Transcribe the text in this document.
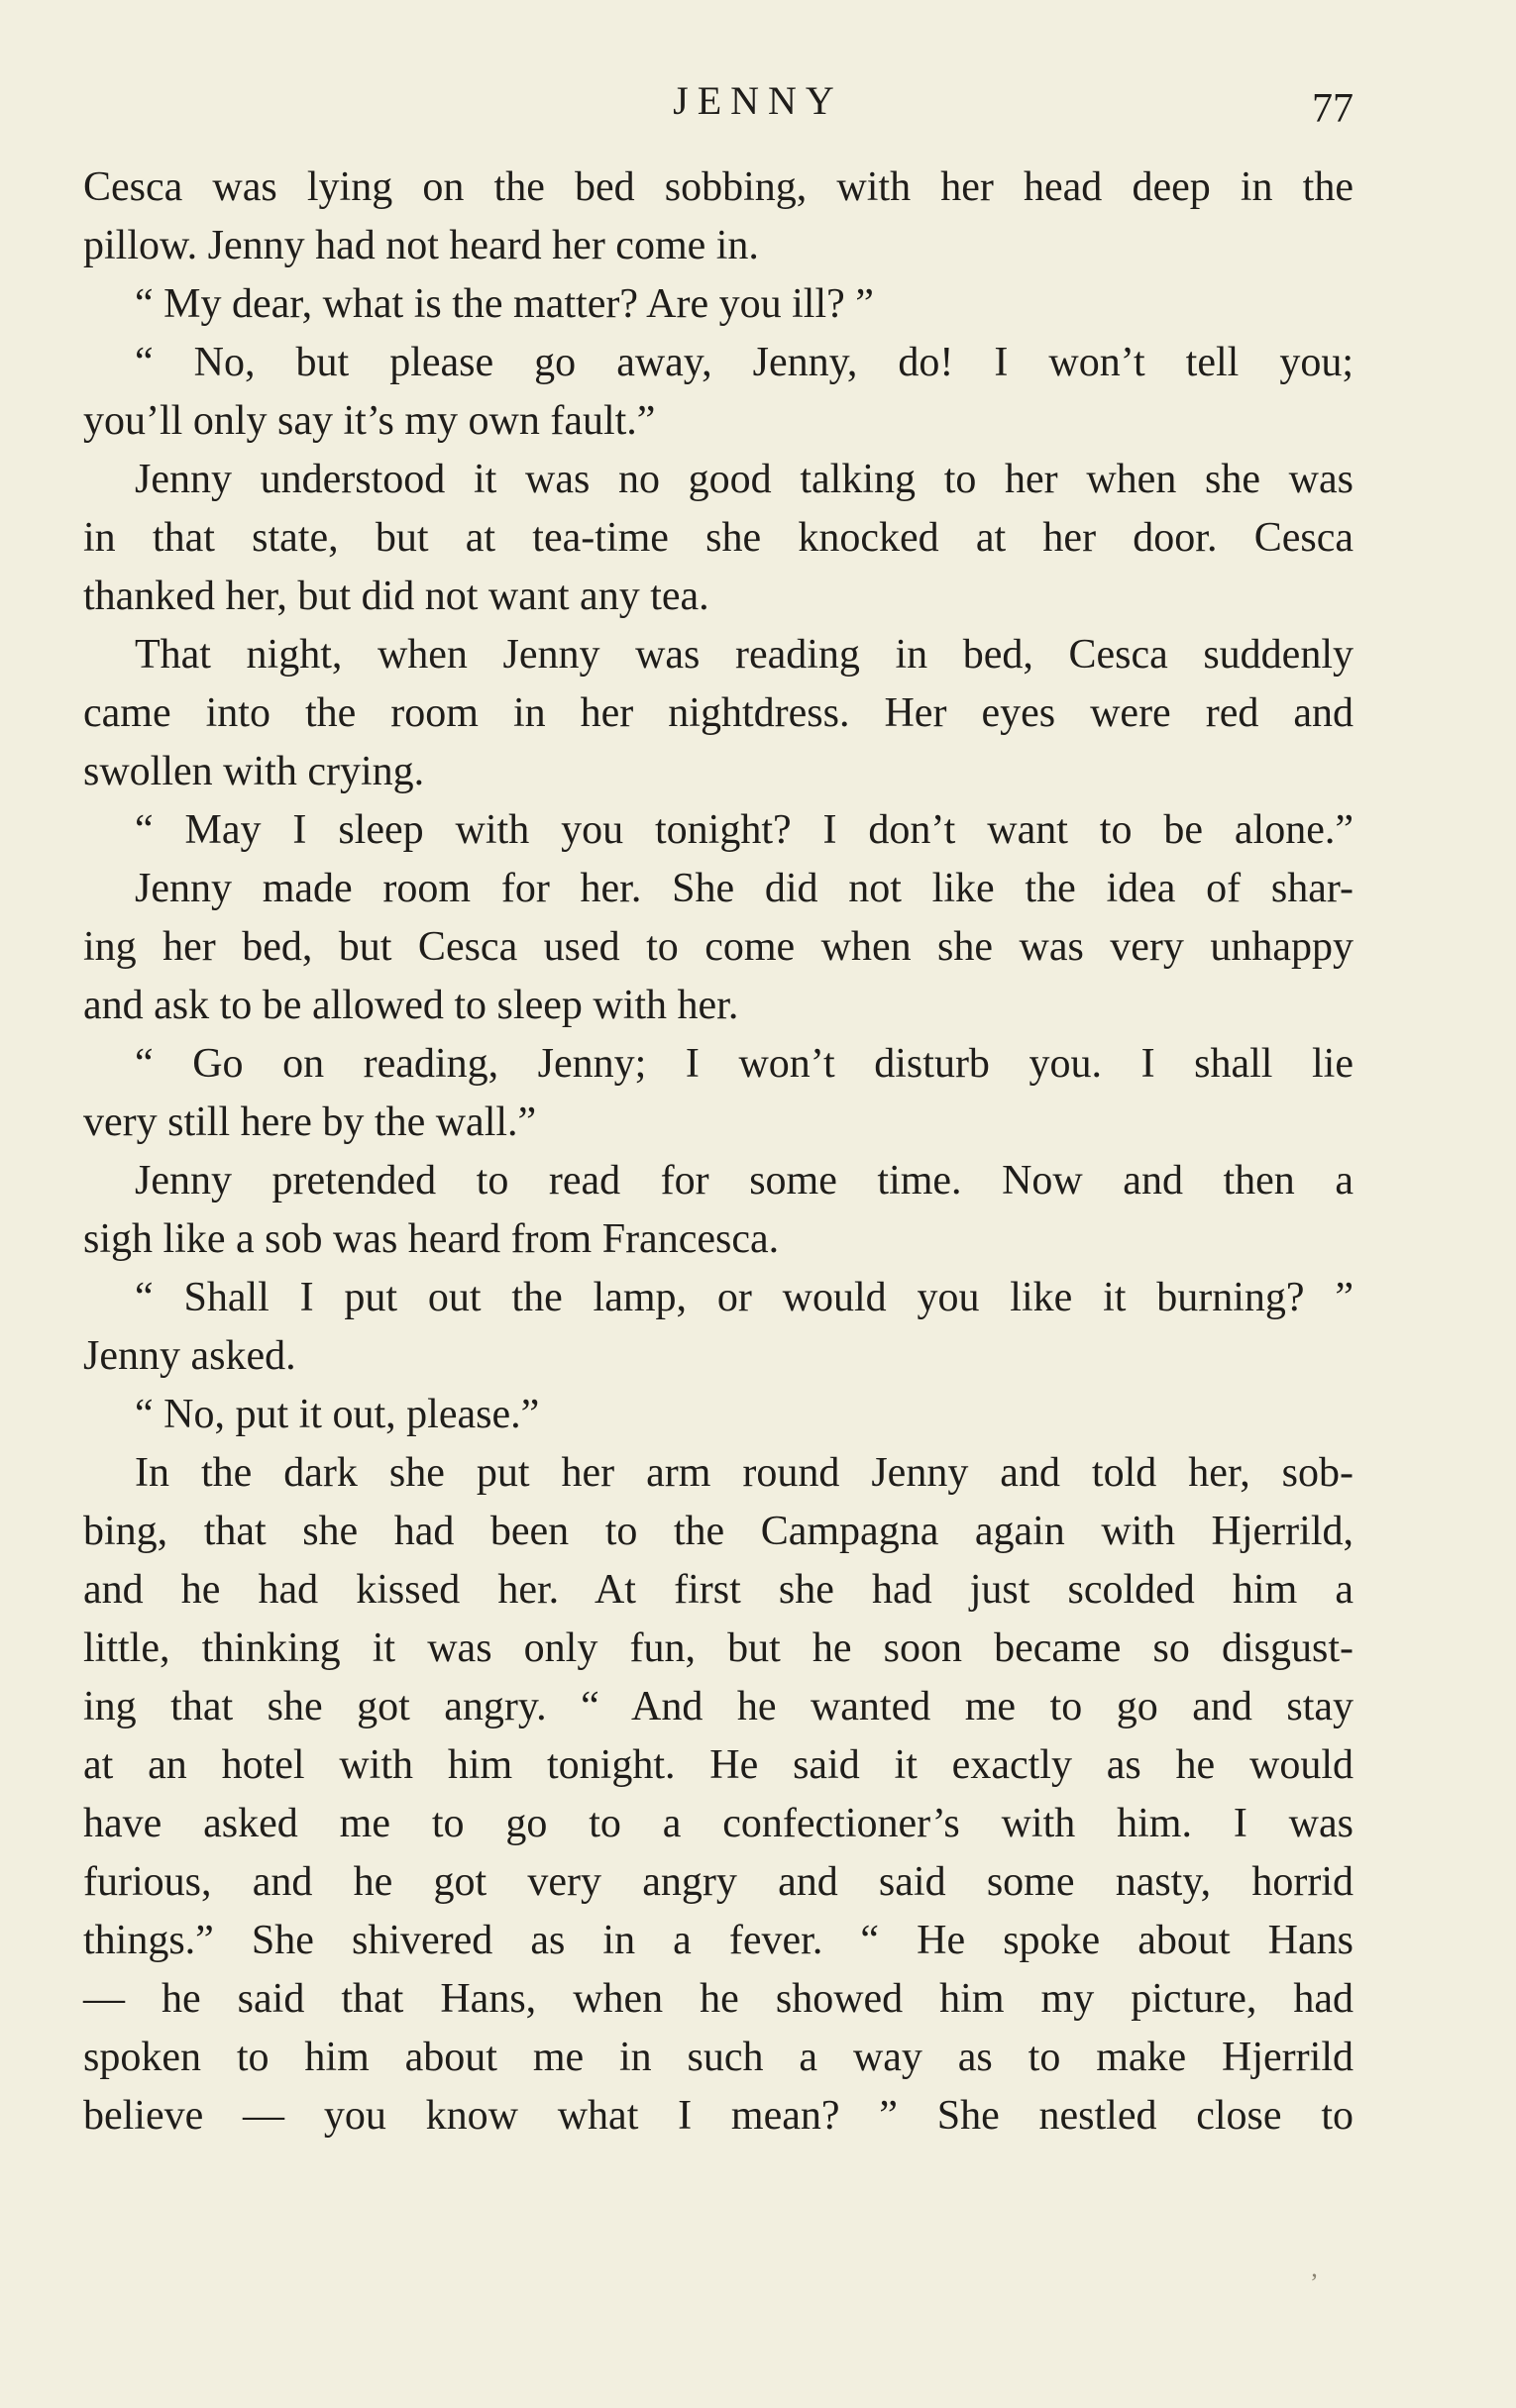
JENNY	77
Cesca was lying on the bed sobbing, with her head deep in the
pillow. Jenny had not heard her come in.
“ My dear, what is the matter? Are you ill? ”
“ No, but please go away, Jenny, do! I won’t tell you;
you’ll only say it’s my own fault.”
Jenny understood it was no good talking to her when she was
in that state, but at tea-time she knocked at her door. Cesca
thanked her, but did not want any tea.
That night, when Jenny was reading in bed, Cesca suddenly
came into the room in her nightdress. Her eyes were red and
swollen with crying.
“ May I sleep with you tonight? I don’t want to be alone.”
Jenny made room for her. She did not like the idea of shar-
ing her bed, but Cesca used to come when she was very unhappy
and ask to be allowed to sleep with her.
“ Go on reading, Jenny; I won’t disturb you. I shall lie
very still here by the wall.”
Jenny pretended to read for some time. Now and then a
sigh like a sob was heard from Francesca.
“ Shall I put out the lamp, or would you like it burning? ”
Jenny asked.
“ No, put it out, please.”
In the dark she put her arm round Jenny and told her, sob-
bing, that she had been to the Campagna again with Hjerrild,
and he had kissed her. At first she had just scolded him a
little, thinking it was only fun, but he soon became so disgust-
ing that she got angry. “ And he wanted me to go and stay
at an hotel with him tonight. He said it exactly as he would
have asked me to go to a confectioner’s with him. I was
furious, and he got very angry and said some nasty, horrid
things.” She shivered as in a fever. “ He spoke about Hans
— he said that Hans, when he showed him my picture, had
spoken to him about me in such a way as to make Hjerrild
believe — you know what I mean? ” She nestled close to
ʼ
